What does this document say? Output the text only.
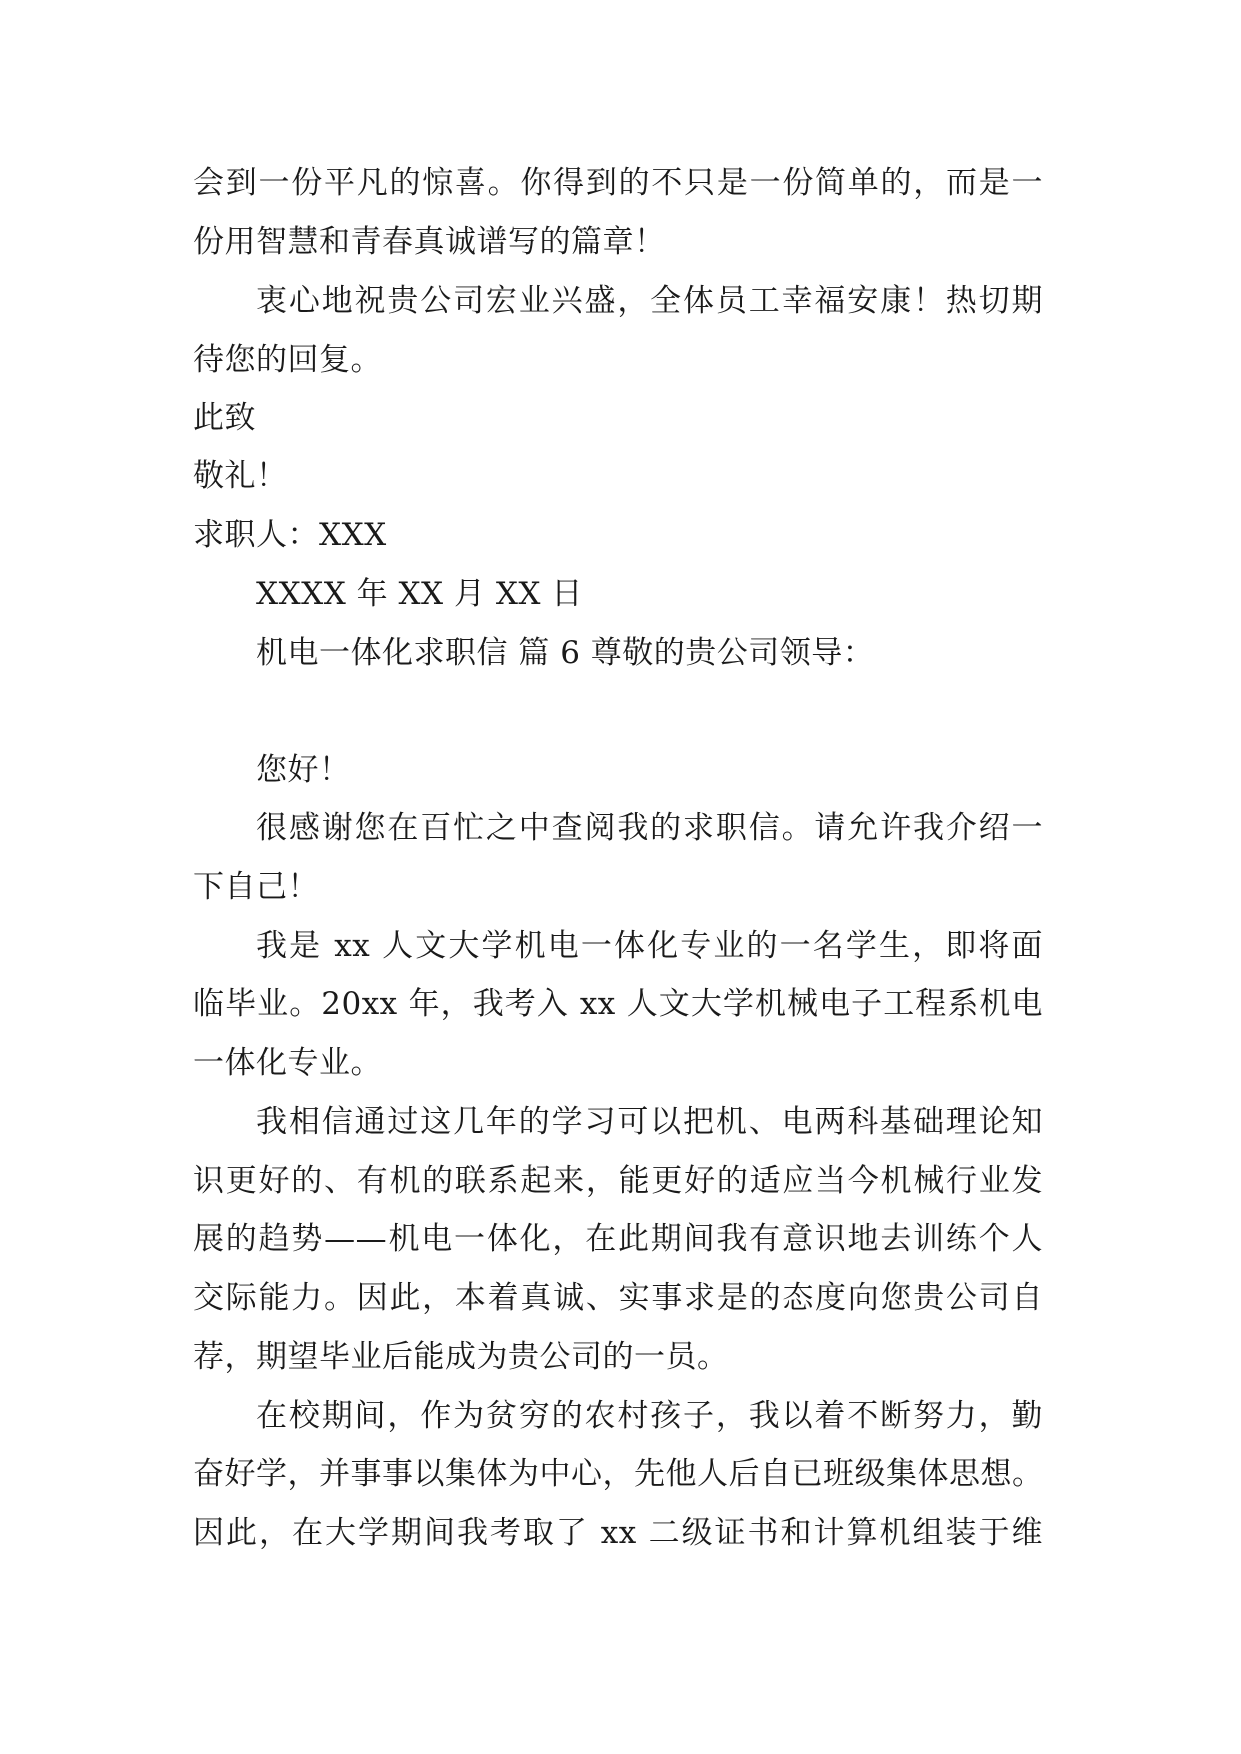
会到一份平凡的惊喜。你得到的不只是一份简单的，而是一
份用智慧和青春真诚谱写的篇章！
衷心地祝贵公司宏业兴盛，全体员工幸福安康！热切期
待您的回复。
此致
敬礼！
求职人：XXX
XXXX 年 XX 月 XX 日
机电一体化求职信 篇 6 尊敬的贵公司领导：
您好！
很感谢您在百忙之中查阅我的求职信。请允许我介绍一
下自己！
我是 xx 人文大学机电一体化专业的一名学生，即将面
临毕业。20xx 年，我考入 xx 人文大学机械电子工程系机电
一体化专业。
我相信通过这几年的学习可以把机、电两科基础理论知
识更好的、有机的联系起来，能更好的适应当今机械行业发
展的趋势——机电一体化，在此期间我有意识地去训练个人
交际能力。因此，本着真诚、实事求是的态度向您贵公司自
荐，期望毕业后能成为贵公司的一员。
在校期间，作为贫穷的农村孩子，我以着不断努力，勤
奋好学，并事事以集体为中心，先他人后自已班级集体思想。
因此，在大学期间我考取了 xx 二级证书和计算机组装于维
